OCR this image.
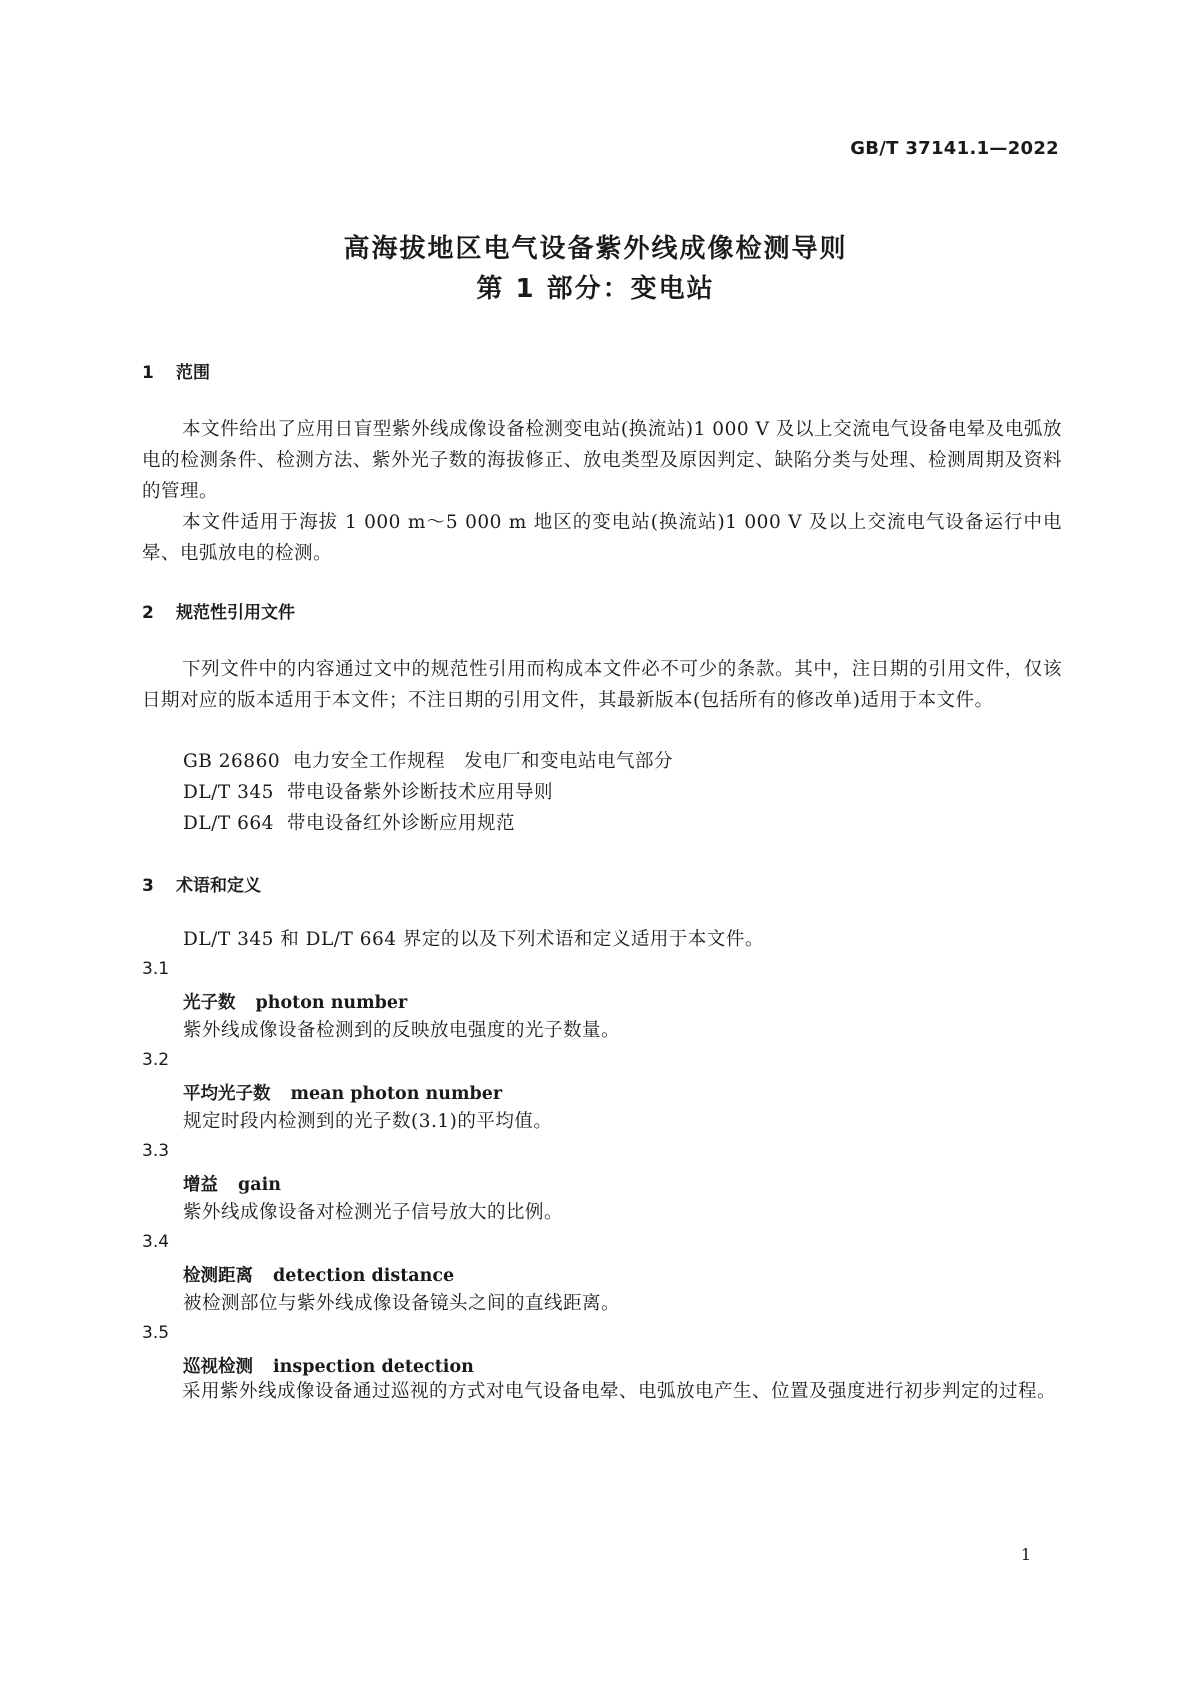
GB/T 37141.1—2022
高海拔地区电气设备紫外线成像检测导则
第 1 部分：变电站
1 范围

本文件给出了应用日盲型紫外线成像设备检测变电站(换流站)1 000 V 及以上交流电气设备电晕及电弧放电的检测条件、检测方法、紫外光子数的海拔修正、放电类型及原因判定、缺陷分类与处理、检测周期及资料的管理。

本文件适用于海拔 1 000 m～5 000 m 地区的变电站(换流站)1 000 V 及以上交流电气设备运行中电晕、电弧放电的检测。

2 规范性引用文件

下列文件中的内容通过文中的规范性引用而构成本文件必不可少的条款。其中，注日期的引用文件，仅该日期对应的版本适用于本文件；不注日期的引用文件，其最新版本(包括所有的修改单)适用于本文件。

GB 26860 电力安全工作规程　发电厂和变电站电气部分
DL/T 345 带电设备紫外诊断技术应用导则
DL/T 664 带电设备红外诊断应用规范
3 术语和定义
DL/T 345 和 DL/T 664 界定的以及下列术语和定义适用于本文件。
3.1
光子数 photon number
紫外线成像设备检测到的反映放电强度的光子数量。
3.2
平均光子数 mean photon number
规定时段内检测到的光子数(3.1)的平均值。
3.3
增益 gain
紫外线成像设备对检测光子信号放大的比例。
3.4
检测距离 detection distance
被检测部位与紫外线成像设备镜头之间的直线距离。
3.5
巡视检测 inspection detection

采用紫外线成像设备通过巡视的方式对电气设备电晕、电弧放电产生、位置及强度进行初步判定的过程。

1
